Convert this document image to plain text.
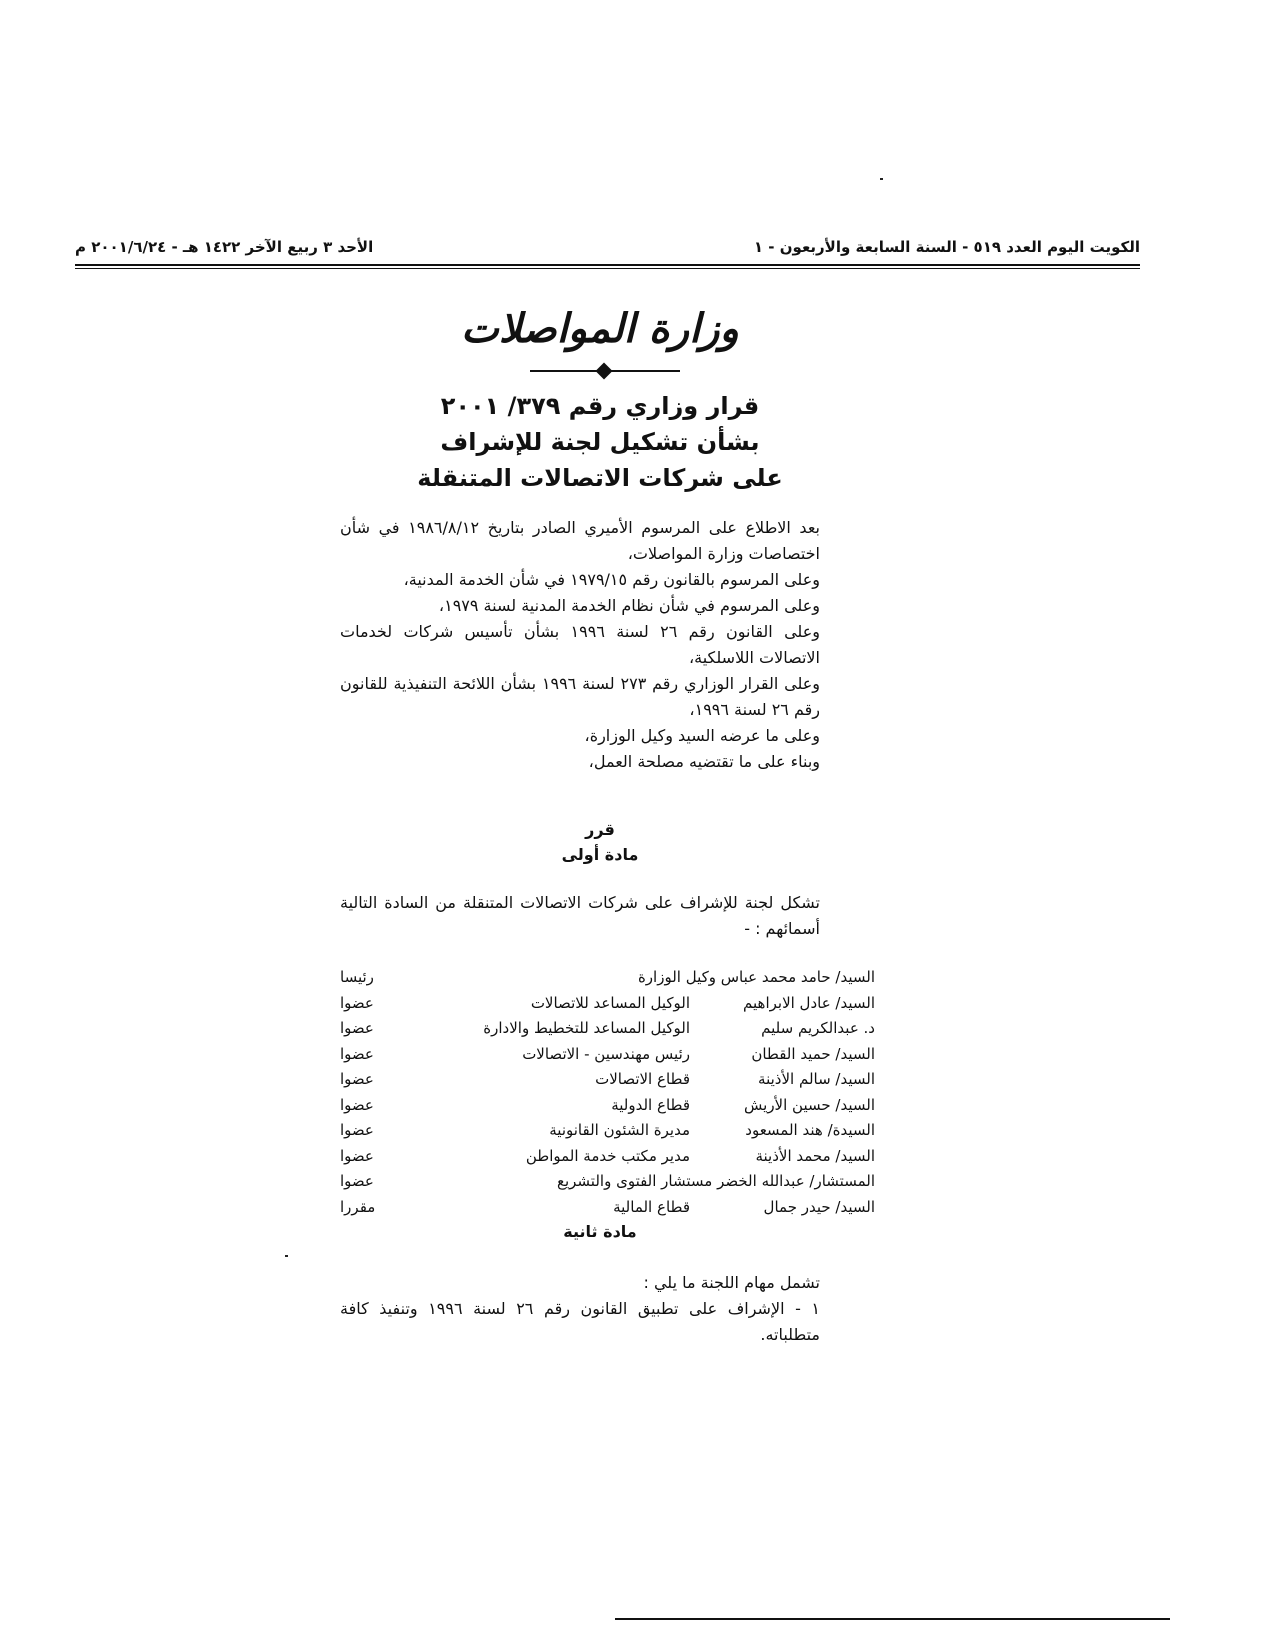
الكويت اليوم العدد ٥١٩ - السنة السابعة والأربعون - ١
الأحد ٣ ربيع الآخر ١٤٢٢ هـ - ٢٠٠١/٦/٢٤ م
وزارة المواصلات
قرار وزاري رقم ٣٧٩/ ٢٠٠١
بشأن تشكيل لجنة للإشراف
على شركات الاتصالات المتنقلة

بعد الاطلاع على المرسوم الأميري الصادر بتاريخ ١٩٨٦/٨/١٢ في شأن اختصاصات وزارة المواصلات،

وعلى المرسوم بالقانون رقم ١٩٧٩/١٥ في شأن الخدمة المدنية،

وعلى المرسوم في شأن نظام الخدمة المدنية لسنة ١٩٧٩،

وعلى القانون رقم ٢٦ لسنة ١٩٩٦ بشأن تأسيس شركات لخدمات الاتصالات اللاسلكية،

وعلى القرار الوزاري رقم ٢٧٣ لسنة ١٩٩٦ بشأن اللائحة التنفيذية للقانون رقم ٢٦ لسنة ١٩٩٦،

وعلى ما عرضه السيد وكيل الوزارة،

وبناء على ما تقتضيه مصلحة العمل،

قرر
مادة أولى

تشكل لجنة للإشراف على شركات الاتصالات المتنقلة من السادة التالية أسمائهم : -

السيد/ حامد محمد عباس وكيل الوزارة
رئيسا
السيد/ عادل الابراهيم
الوكيل المساعد للاتصالات
عضوا
د. عبدالكريم سليم
الوكيل المساعد للتخطيط والادارة
عضوا
السيد/ حميد القطان
رئيس مهندسين - الاتصالات
عضوا
السيد/ سالم الأذينة
قطاع الاتصالات
عضوا
السيد/ حسين الأريش
قطاع الدولية
عضوا
السيدة/ هند المسعود
مديرة الشئون القانونية
عضوا
السيد/ محمد الأذينة
مدير مكتب خدمة المواطن
عضوا
المستشار/ عبدالله الخضر مستشار الفتوى والتشريع
عضوا
السيد/ حيدر جمال
قطاع المالية
مقررا
مادة ثانية

تشمل مهام اللجنة ما يلي :

١ - الإشراف على تطبيق القانون رقم ٢٦ لسنة ١٩٩٦ وتنفيذ كافة متطلباته.
